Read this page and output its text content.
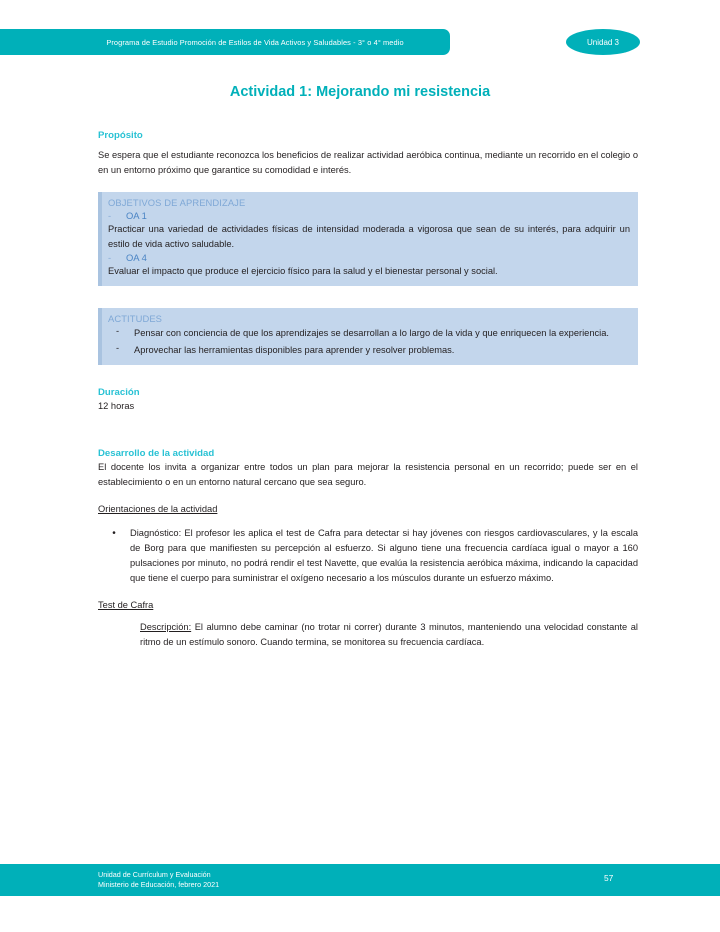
Programa de Estudio Promoción de Estilos de Vida Activos y Saludables - 3° o 4° medio	Unidad 3
Actividad 1: Mejorando mi resistencia
Propósito

Se espera que el estudiante reconozca los beneficios de realizar actividad aeróbica continua, mediante un recorrido en el colegio o en un entorno próximo que garantice su comodidad e interés.

OBJETIVOS DE APRENDIZAJE
-	OA 1

Practicar una variedad de actividades físicas de intensidad moderada a vigorosa que sean de su interés, para adquirir un estilo de vida activo saludable.

-	OA 4

Evaluar el impacto que produce el ejercicio físico para la salud y el bienestar personal y social.

ACTITUDES
-	Pensar con conciencia de que los aprendizajes se desarrollan a lo largo de la vida y que enriquecen la experiencia.
-	Aprovechar las herramientas disponibles para aprender y resolver problemas.
Duración

12 horas

Desarrollo de la actividad

El docente los invita a organizar entre todos un plan para mejorar la resistencia personal en un recorrido; puede ser en el establecimiento o en un entorno natural cercano que sea seguro.

Orientaciones de la actividad
•	Diagnóstico: El profesor les aplica el test de Cafra para detectar si hay jóvenes con riesgos cardiovasculares, y la escala de Borg para que manifiesten su percepción al esfuerzo. Si alguno tiene una frecuencia cardíaca igual o mayor a 160 pulsaciones por minuto, no podrá rendir el test Navette, que evalúa la resistencia aeróbica máxima, indicando la capacidad que tiene el cuerpo para suministrar el oxígeno necesario a los músculos durante un esfuerzo máximo.
Test de Cafra
Descripción: El alumno debe caminar (no trotar ni correr) durante 3 minutos, manteniendo una velocidad constante al ritmo de un estímulo sonoro. Cuando termina, se monitorea su frecuencia cardíaca.
Unidad de Currículum y Evaluación
Ministerio de Educación, febrero 2021
57
